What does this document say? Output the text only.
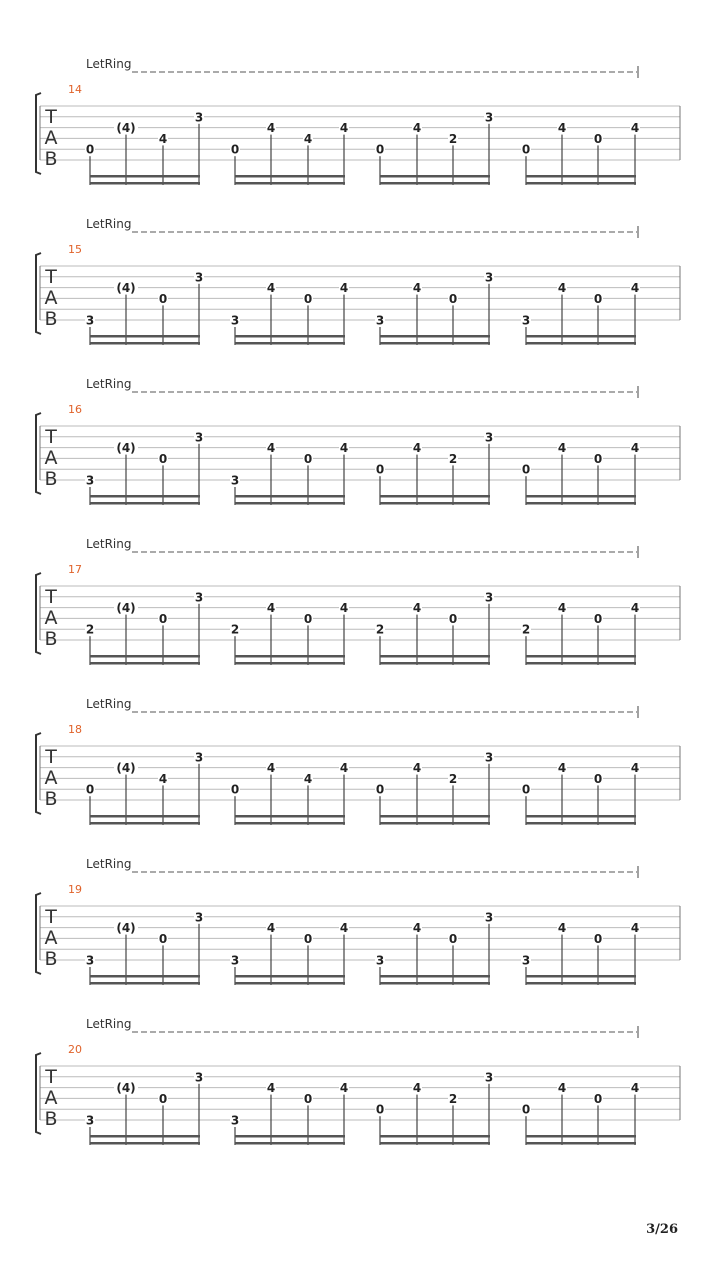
LetRing
14
T
A
B 0
(4)
4
3
0
4
4
4
0
4
2
3
0
4
0
4
LetRing
15
T
A
B 3
(4)
0
3
3
4
0
4
3
4
0
3
3
4
0
4
LetRing
16
T
A
B 3
(4)
0
3
3
4
0
4
0
4
2
3
0
4
0
4
LetRing
17
T
A
B 2
(4)
0
3
2
4
0
4
2
4
0
3
2
4
0
4
LetRing
18
T
A
B 0
(4)
4
3
0
4
4
4
0
4
2
3
0
4
0
4
LetRing
19
T
A
B 3
(4)
0
3
3
4
0
4
3
4
0
3
3
4
0
4
LetRing
20
T
A
B 3
(4)
0
3
3
4
0
4
0
4
2
3
0
4
0
4
3/26
